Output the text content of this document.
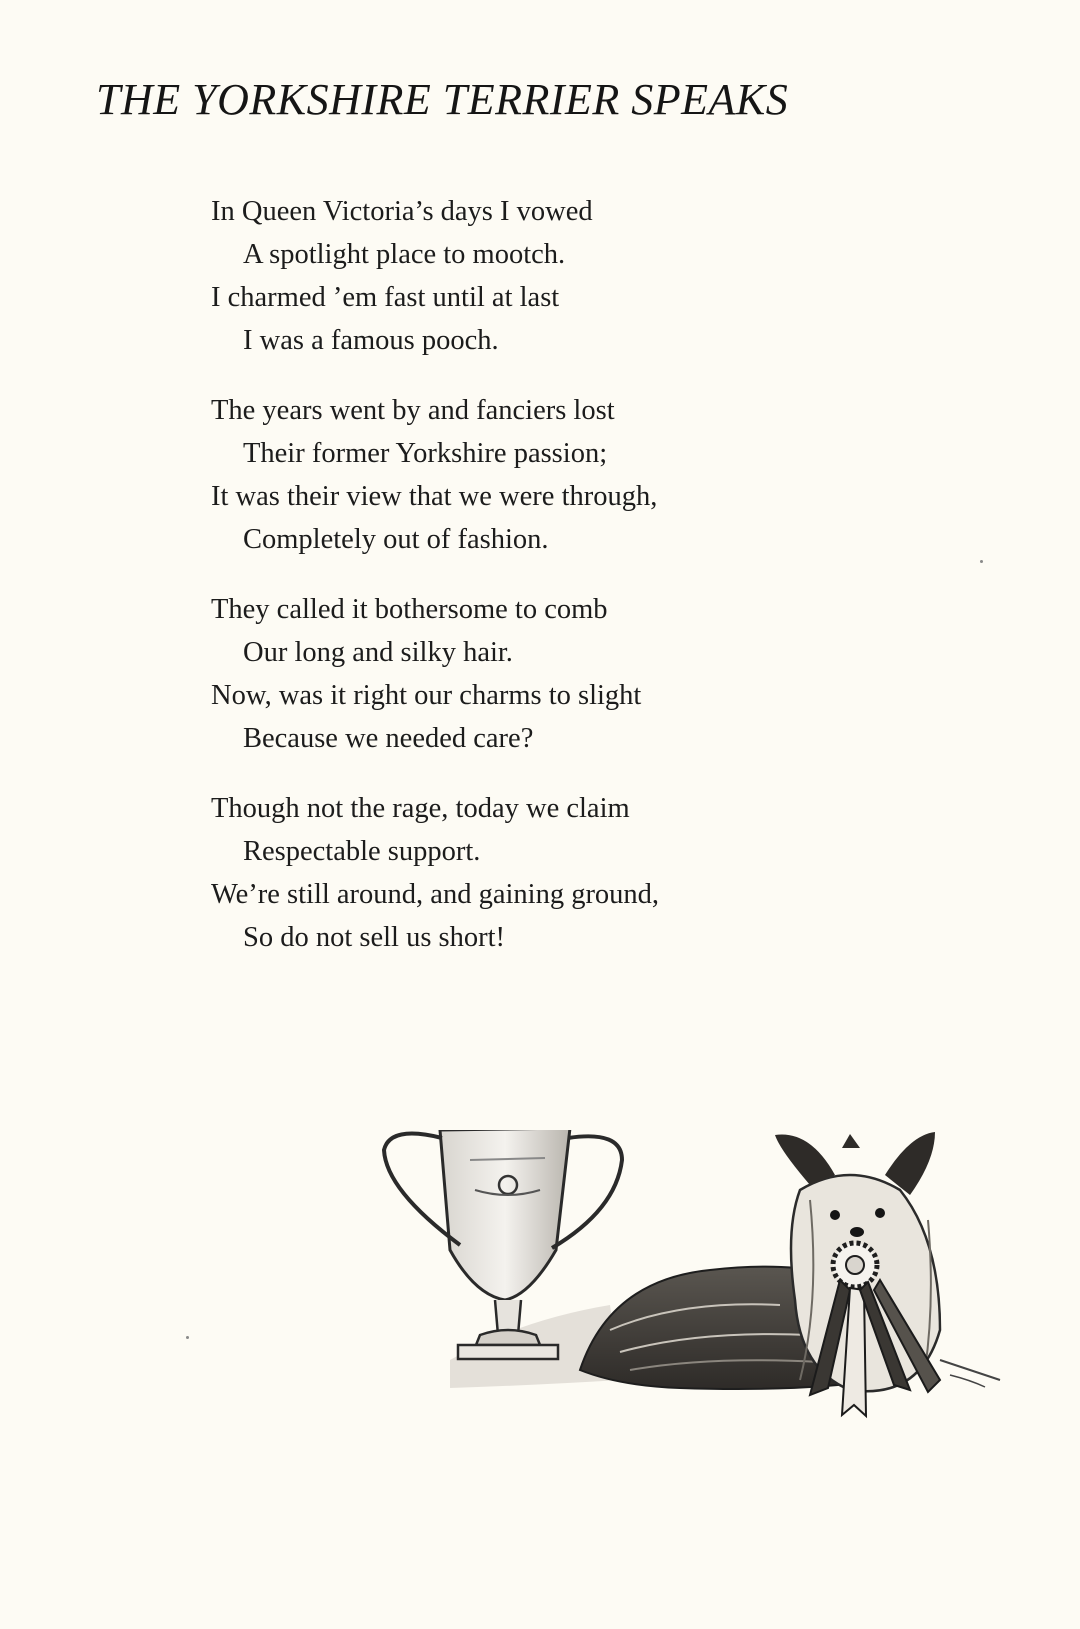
THE YORKSHIRE TERRIER SPEAKS
In Queen Victoria’s days I vowed
A spotlight place to mootch.
I charmed ’em fast until at last
I was a famous pooch.
The years went by and fanciers lost
Their former Yorkshire passion;
It was their view that we were through,
Completely out of fashion.
They called it bothersome to comb
Our long and silky hair.
Now, was it right our charms to slight
Because we needed care?
Though not the rage, today we claim
Respectable support.
We’re still around, and gaining ground,
So do not sell us short!
